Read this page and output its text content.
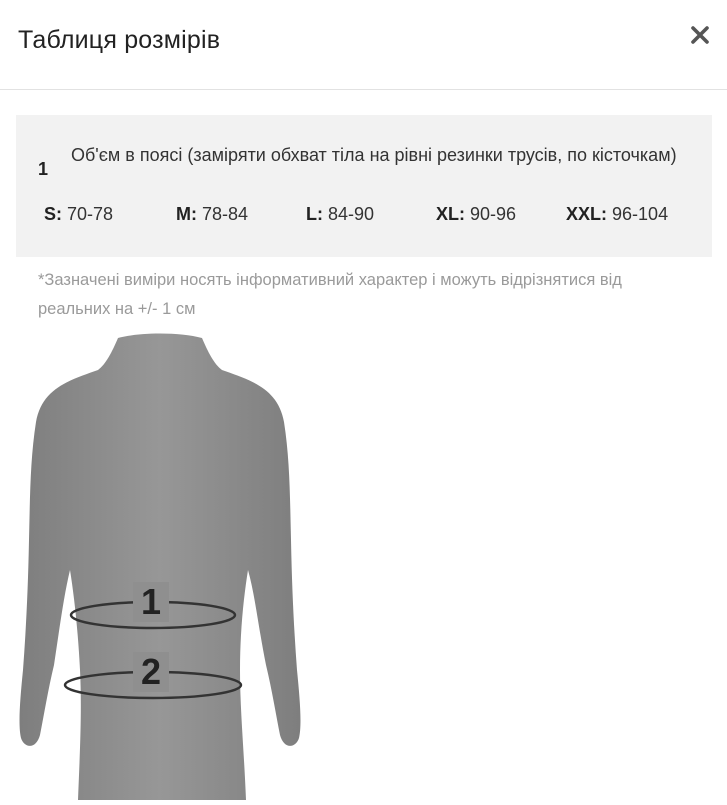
Таблиця розмірів
1
Об'єм в поясі (заміряти обхват тіла на рівні резинки трусів, по кісточкам)
S: 70-78	M: 78-84	L: 84-90	XL: 90-96	XXL: 96-104
*Зазначені виміри носять інформативний характер і можуть відрізнятися від реальних на +/- 1 см
1
2
